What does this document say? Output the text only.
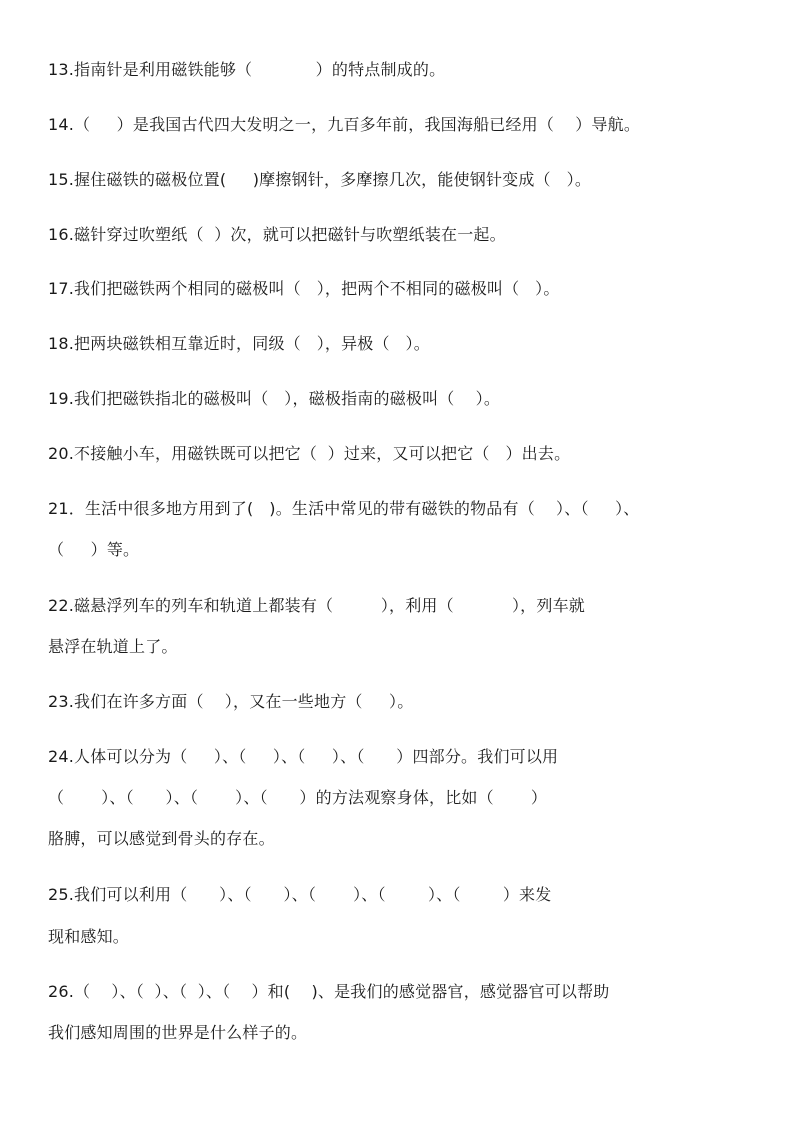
13.指南针是利用磁铁能够（            ）的特点制成的。
14.（     ）是我国古代四大发明之一，九百多年前，我国海船已经用（    ）导航。
15.握住磁铁的磁极位置(     )摩擦钢针，多摩擦几次，能使钢针变成（   ）。
16.磁针穿过吹塑纸（  ）次，就可以把磁针与吹塑纸装在一起。
17.我们把磁铁两个相同的磁极叫（   ），把两个不相同的磁极叫（   ）。
18.把两块磁铁相互靠近时，同级（   ），异极（   ）。
19.我们把磁铁指北的磁极叫（   ），磁极指南的磁极叫（    ）。
20.不接触小车，用磁铁既可以把它（  ）过来，又可以把它（   ）出去。
21．生活中很多地方用到了(   )。生活中常见的带有磁铁的物品有（    ）、（     ）、
（     ）等。
22.磁悬浮列车的列车和轨道上都装有（         ），利用（           ），列车就
悬浮在轨道上了。
23.我们在许多方面（    ），又在一些地方（     ）。
24.人体可以分为（     ）、（     ）、（     ）、（      ）四部分。我们可以用
（       ）、（      ）、（       ）、（      ）的方法观察身体，比如（       ）
胳膊，可以感觉到骨头的存在。
25.我们可以利用（      ）、（      ）、（       ）、（        ）、（        ）来发
现和感知。
26.（    ）、（  ）、（  ）、（    ）和(    )、是我们的感觉器官，感觉器官可以帮助
我们感知周围的世界是什么样子的。
